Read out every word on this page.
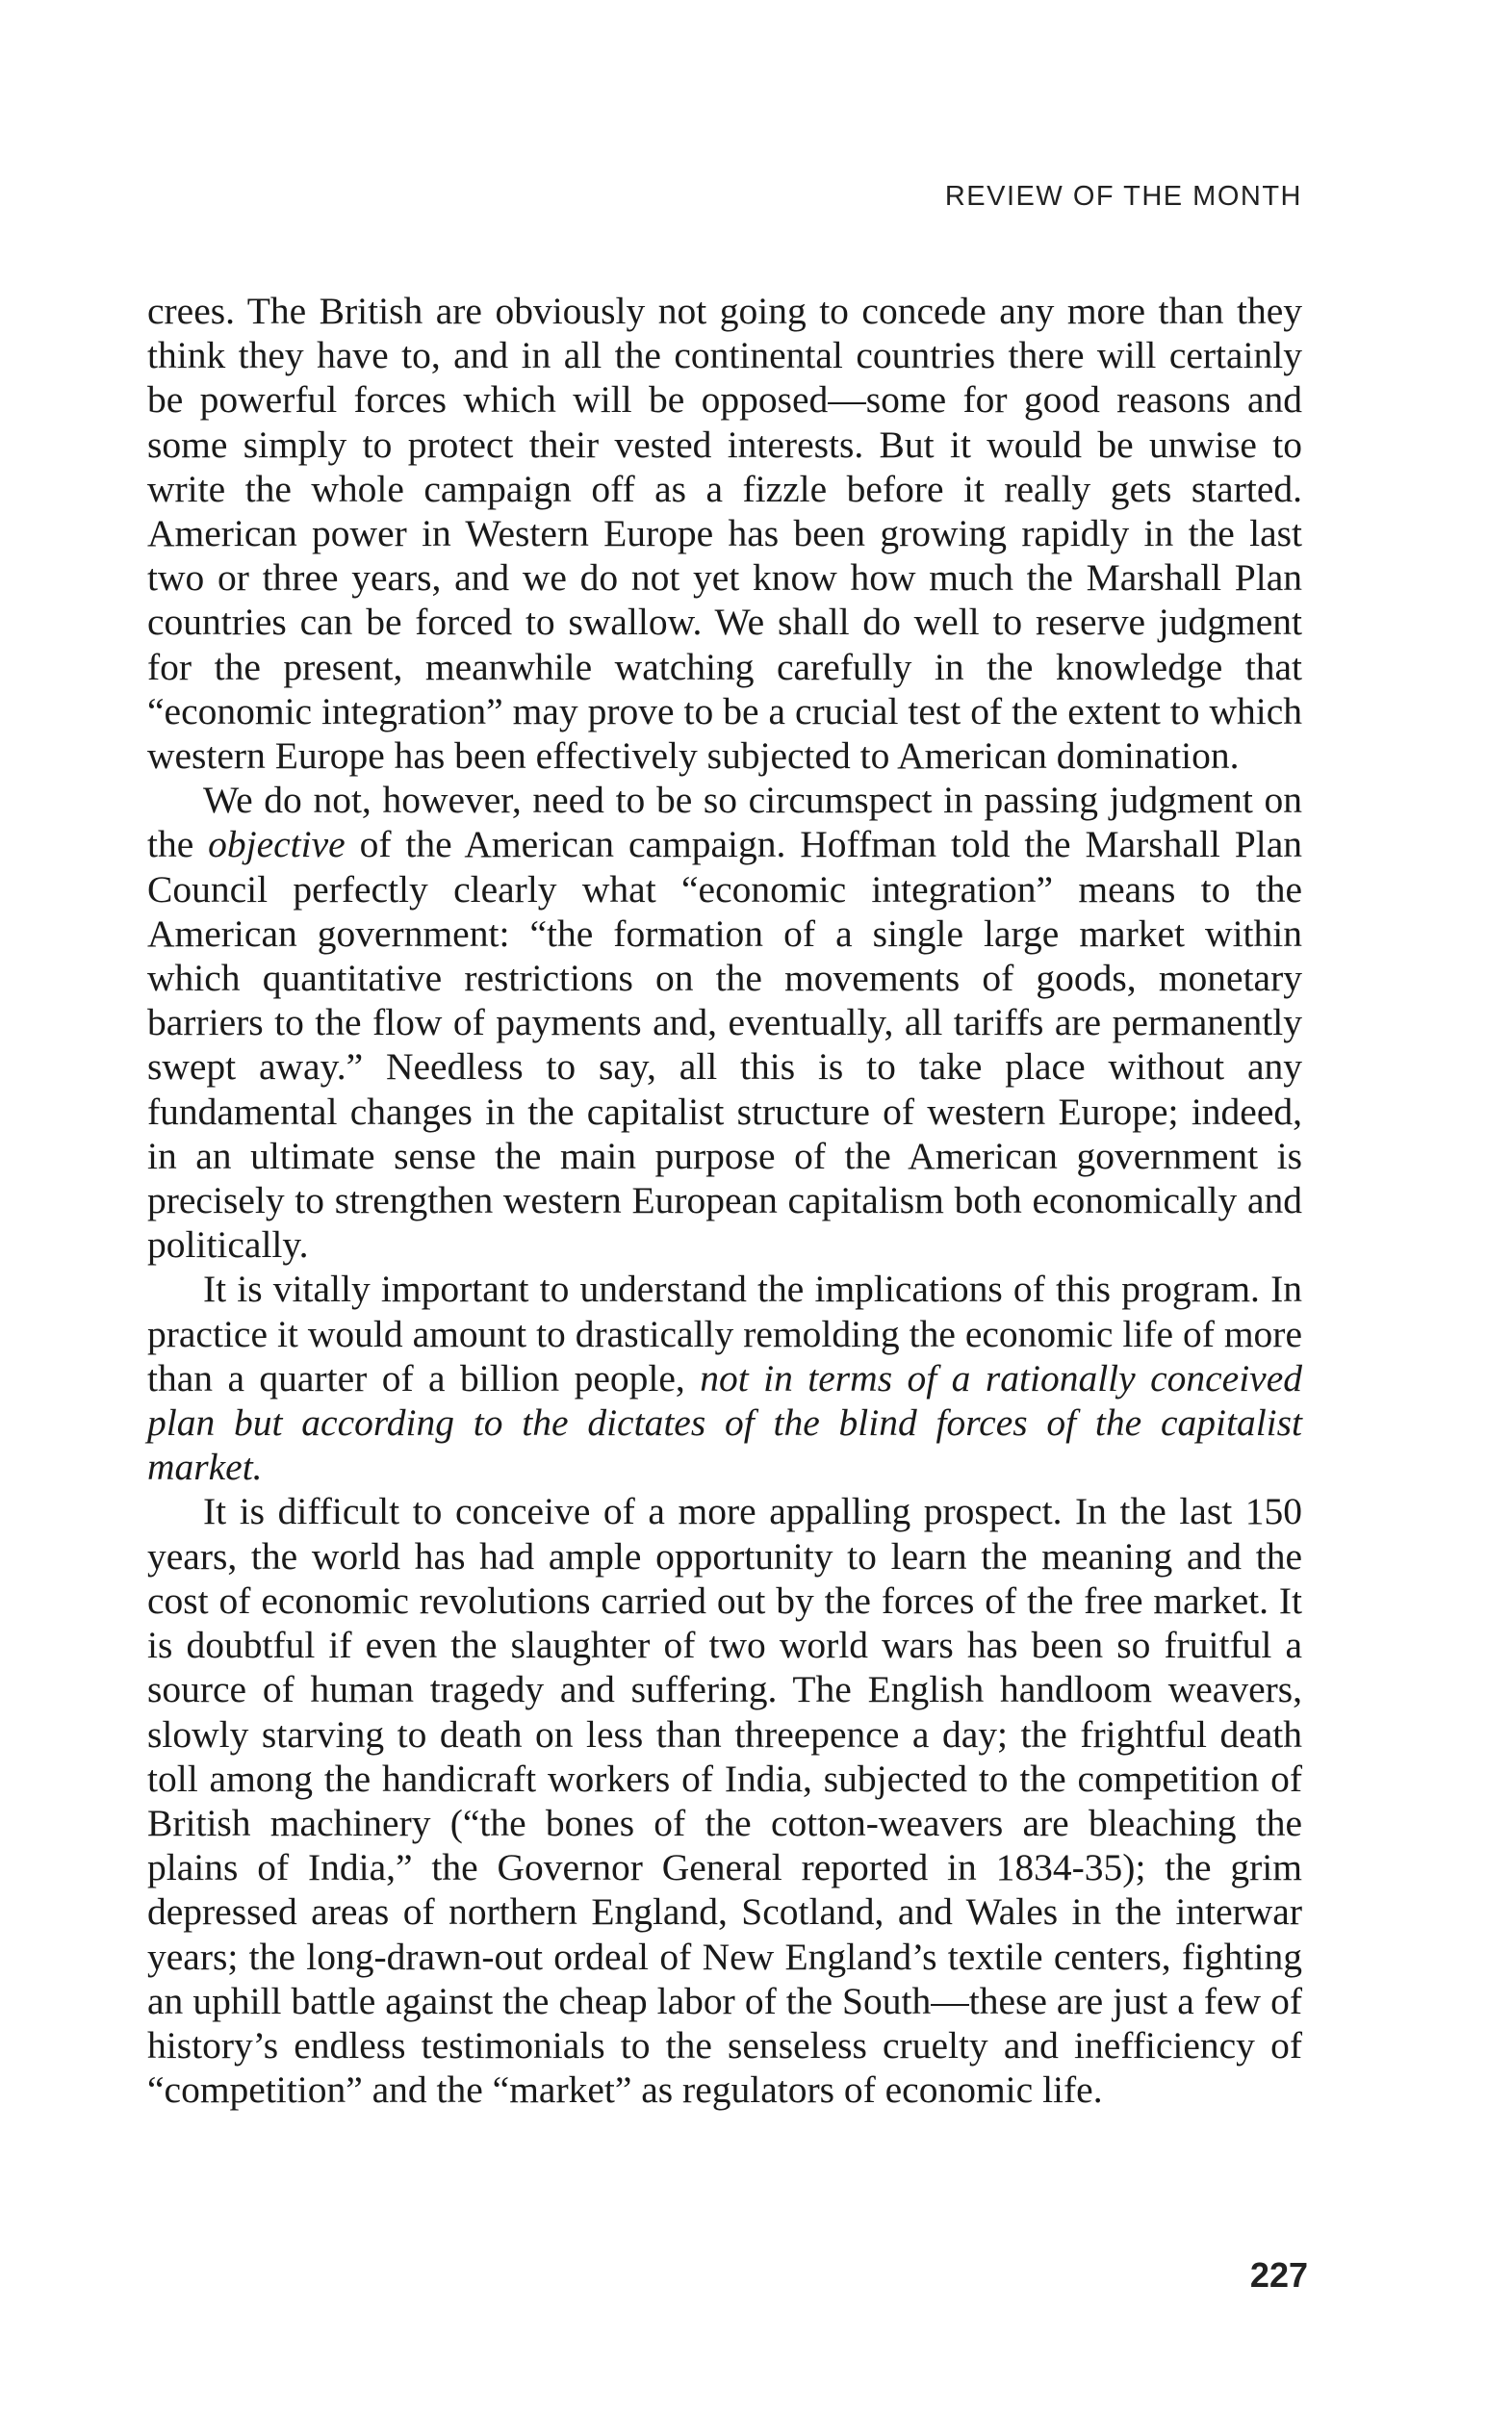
REVIEW OF THE MONTH

crees. The British are obviously not going to concede any more than they think they have to, and in all the continental countries there will certainly be powerful forces which will be opposed—some for good reasons and some simply to protect their vested interests. But it would be unwise to write the whole campaign off as a fizzle before it really gets started. American power in Western Europe has been growing rapidly in the last two or three years, and we do not yet know how much the Marshall Plan countries can be forced to swallow. We shall do well to reserve judgment for the present, meanwhile watching carefully in the knowledge that “economic integration” may prove to be a crucial test of the extent to which western Europe has been effectively subjected to American domination.

We do not, however, need to be so circumspect in passing judgment on the objective of the American campaign. Hoffman told the Marshall Plan Council perfectly clearly what “economic integration” means to the American government: “the formation of a single large market within which quantitative restrictions on the movements of goods, monetary barriers to the flow of payments and, eventually, all tariffs are permanently swept away.” Needless to say, all this is to take place without any fundamental changes in the capitalist structure of western Europe; indeed, in an ultimate sense the main purpose of the American government is precisely to strengthen western European capitalism both economically and politically.

It is vitally important to understand the implications of this program. In practice it would amount to drastically remolding the economic life of more than a quarter of a billion people, not in terms of a rationally conceived plan but according to the dictates of the blind forces of the capitalist market.

It is difficult to conceive of a more appalling prospect. In the last 150 years, the world has had ample opportunity to learn the meaning and the cost of economic revolutions carried out by the forces of the free market. It is doubtful if even the slaughter of two world wars has been so fruitful a source of human tragedy and suffering. The English handloom weavers, slowly starving to death on less than threepence a day; the frightful death toll among the handicraft workers of India, subjected to the competition of British machinery (“the bones of the cotton-weavers are bleaching the plains of India,” the Governor General reported in 1834-35); the grim depressed areas of northern England, Scotland, and Wales in the interwar years; the long-drawn-out ordeal of New England’s textile centers, fighting an uphill battle against the cheap labor of the South—these are just a few of history’s endless testimonials to the senseless cruelty and inefficiency of “competition” and the “market” as regulators of economic life.

227
